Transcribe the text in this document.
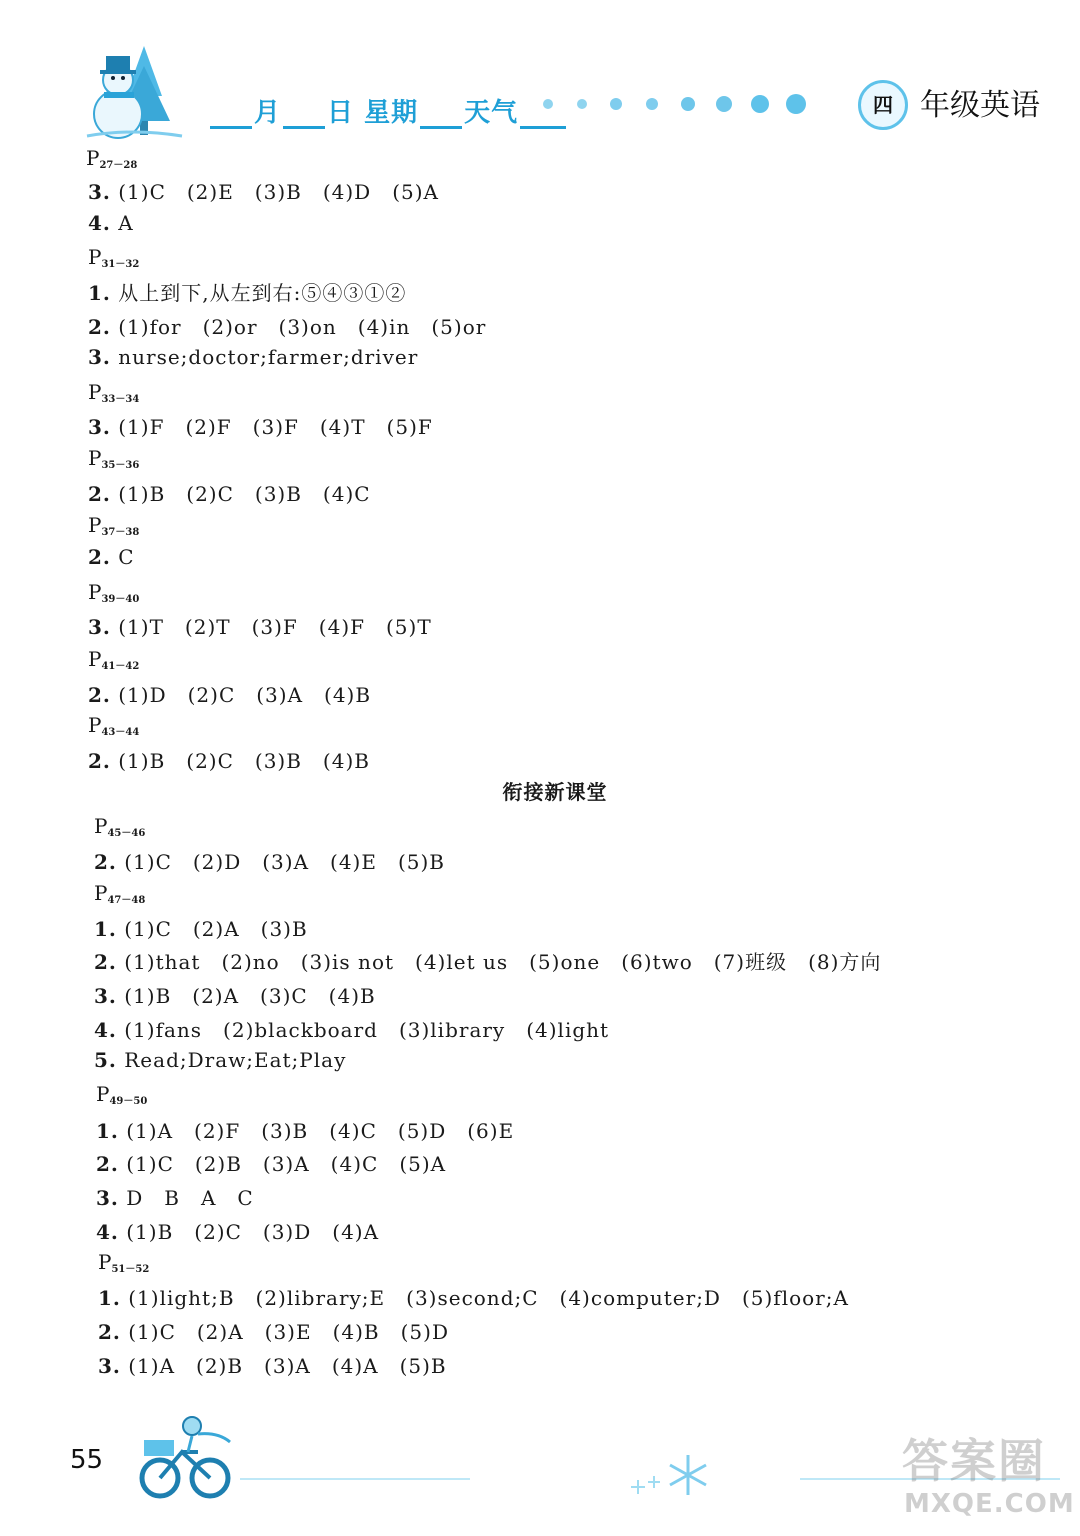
月 日 星期 天气	四 年级英语
$P_{27-28}$
3. (1)C　(2)E　(3)B　(4)D　(5)A
4. A
$P_{31-32}$
1. 从上到下,从左到右:⑤④③①②
2. (1)for　(2)or　(3)on　(4)in　(5)or
3. nurse;doctor;farmer;driver
$P_{33-34}$
3. (1)F　(2)F　(3)F　(4)T　(5)F
$P_{35-36}$
2. (1)B　(2)C　(3)B　(4)C
$P_{37-38}$
2. C
$P_{39-40}$
3. (1)T　(2)T　(3)F　(4)F　(5)T
$P_{41-42}$
2. (1)D　(2)C　(3)A　(4)B
$P_{43-44}$
2. (1)B　(2)C　(3)B　(4)B
衔接新课堂
$P_{45-46}$
2. (1)C　(2)D　(3)A　(4)E　(5)B
$P_{47-48}$
1. (1)C　(2)A　(3)B
2. (1)that　(2)no　(3)is not　(4)let us　(5)one　(6)two　(7)班级　(8)方向
3. (1)B　(2)A　(3)C　(4)B
4. (1)fans　(2)blackboard　(3)library　(4)light
5. Read;Draw;Eat;Play
$P_{49-50}$
1. (1)A　(2)F　(3)B　(4)C　(5)D　(6)E
2. (1)C　(2)B　(3)A　(4)C　(5)A
3. D　B　A　C
4. (1)B　(2)C　(3)D　(4)A
$P_{51-52}$
1. (1)light;B　(2)library;E　(3)second;C　(4)computer;D　(5)floor;A
2. (1)C　(2)A　(3)E　(4)B　(5)D
3. (1)A　(2)B　(3)A　(4)A　(5)B
55	答案圈
MXQE.COM
